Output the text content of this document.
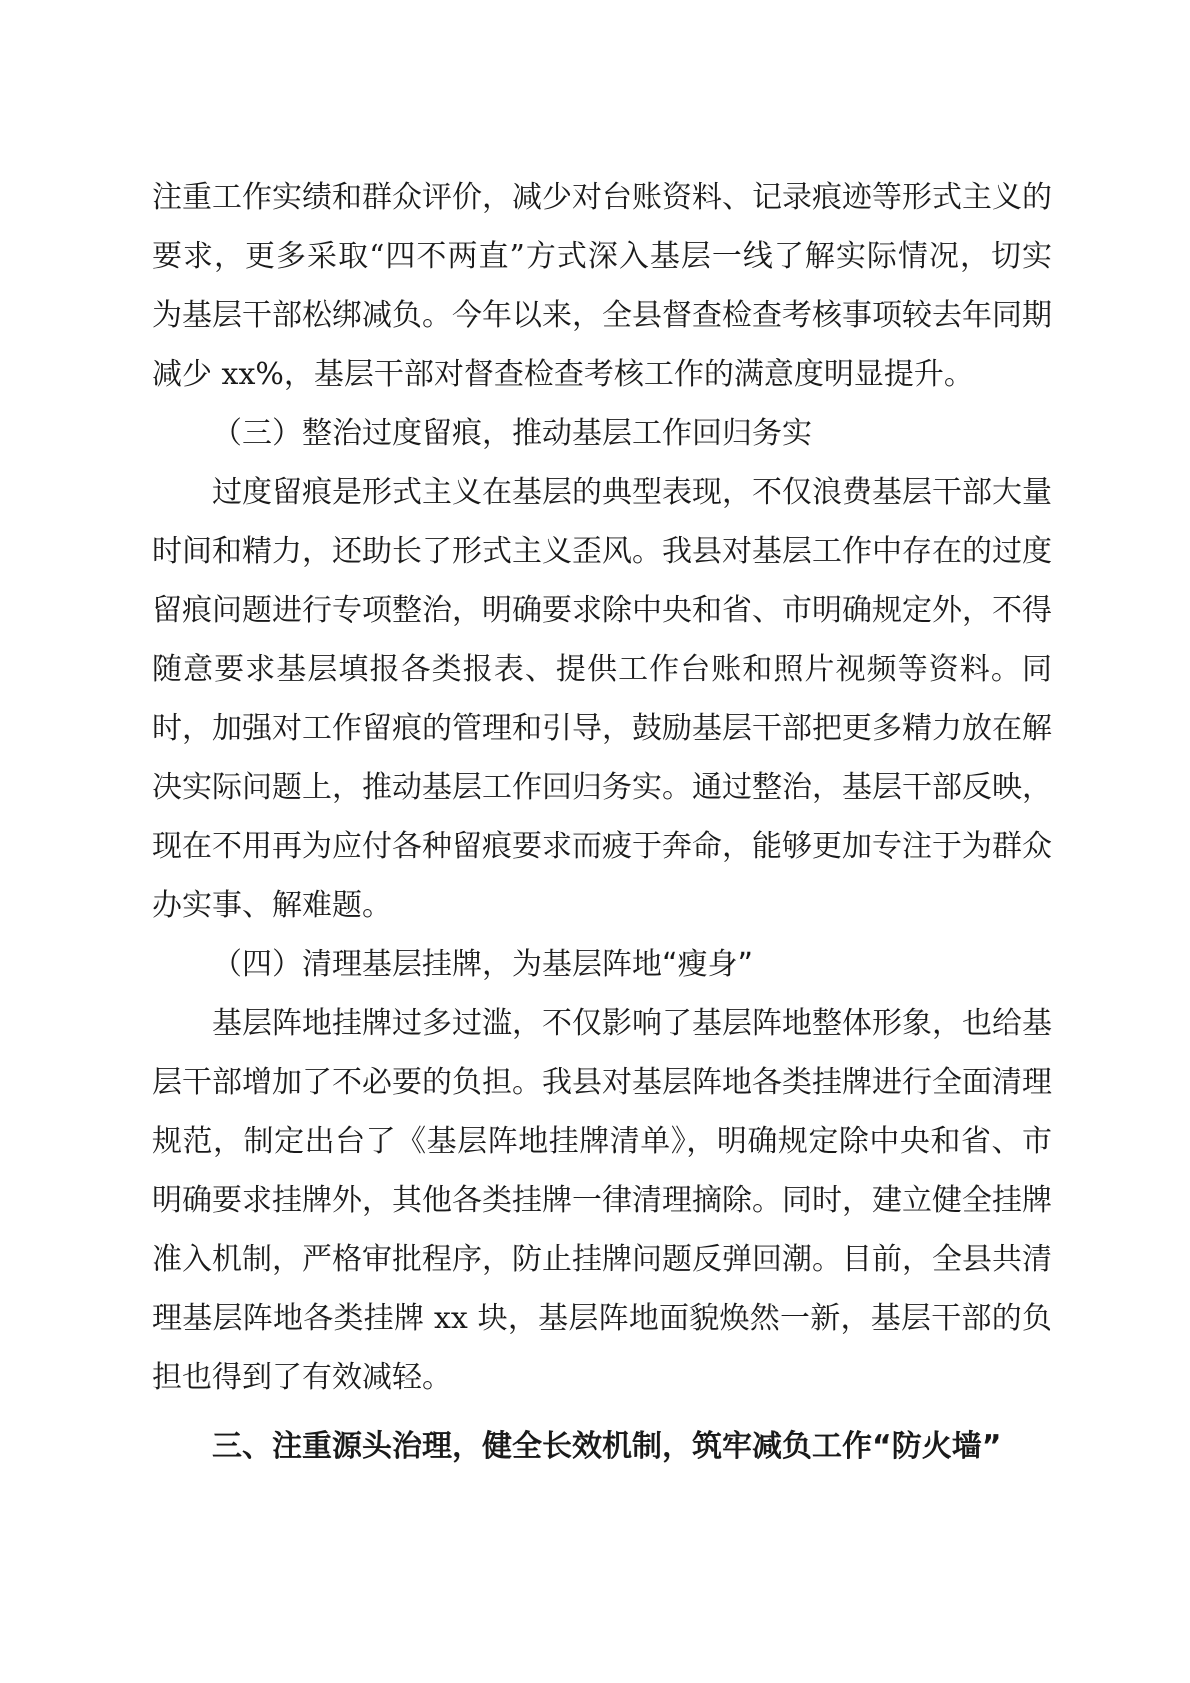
注重工作实绩和群众评价，减少对台账资料、记录痕迹等形式主义的要求，更多采取“四不两直”方式深入基层一线了解实际情况，切实为基层干部松绑减负。今年以来，全县督查检查考核事项较去年同期减少 xx%，基层干部对督查检查考核工作的满意度明显提升。

（三）整治过度留痕，推动基层工作回归务实

过度留痕是形式主义在基层的典型表现，不仅浪费基层干部大量时间和精力，还助长了形式主义歪风。我县对基层工作中存在的过度留痕问题进行专项整治，明确要求除中央和省、市明确规定外，不得随意要求基层填报各类报表、提供工作台账和照片视频等资料。同时，加强对工作留痕的管理和引导，鼓励基层干部把更多精力放在解决实际问题上，推动基层工作回归务实。通过整治，基层干部反映，现在不用再为应付各种留痕要求而疲于奔命，能够更加专注于为群众办实事、解难题。

（四）清理基层挂牌，为基层阵地“瘦身”

基层阵地挂牌过多过滥，不仅影响了基层阵地整体形象，也给基层干部增加了不必要的负担。我县对基层阵地各类挂牌进行全面清理规范，制定出台了《基层阵地挂牌清单》，明确规定除中央和省、市明确要求挂牌外，其他各类挂牌一律清理摘除。同时，建立健全挂牌准入机制，严格审批程序，防止挂牌问题反弹回潮。目前，全县共清理基层阵地各类挂牌 xx 块，基层阵地面貌焕然一新，基层干部的负担也得到了有效减轻。

三、注重源头治理，健全长效机制，筑牢减负工作“防火墙”
